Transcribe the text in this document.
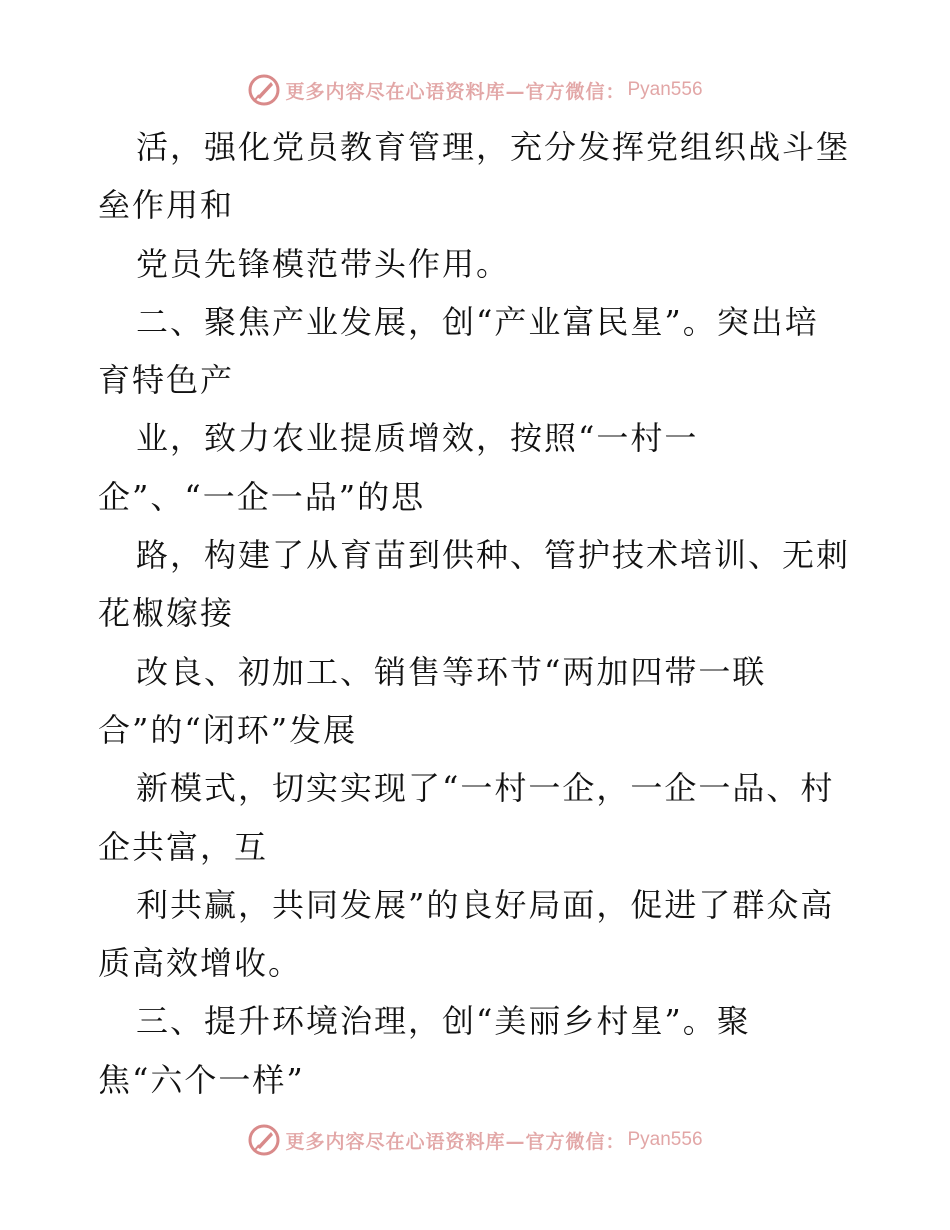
更多内容尽在心语资料库—官方微信： Pyan556
活，强化党员教育管理，充分发挥党组织战斗堡
垒作用和
党员先锋模范带头作用。
二、聚焦产业发展，创“产业富民星”。突出培
育特色产
业，致力农业提质增效，按照“一村一
企”、“一企一品”的思
路，构建了从育苗到供种、管护技术培训、无刺
花椒嫁接
改良、初加工、销售等环节“两加四带一联
合”的“闭环”发展
新模式，切实实现了“一村一企，一企一品、村
企共富，互
利共赢，共同发展”的良好局面，促进了群众高
质高效增收。
三、提升环境治理，创“美丽乡村星”。聚
焦“六个一样”
更多内容尽在心语资料库—官方微信： Pyan556
